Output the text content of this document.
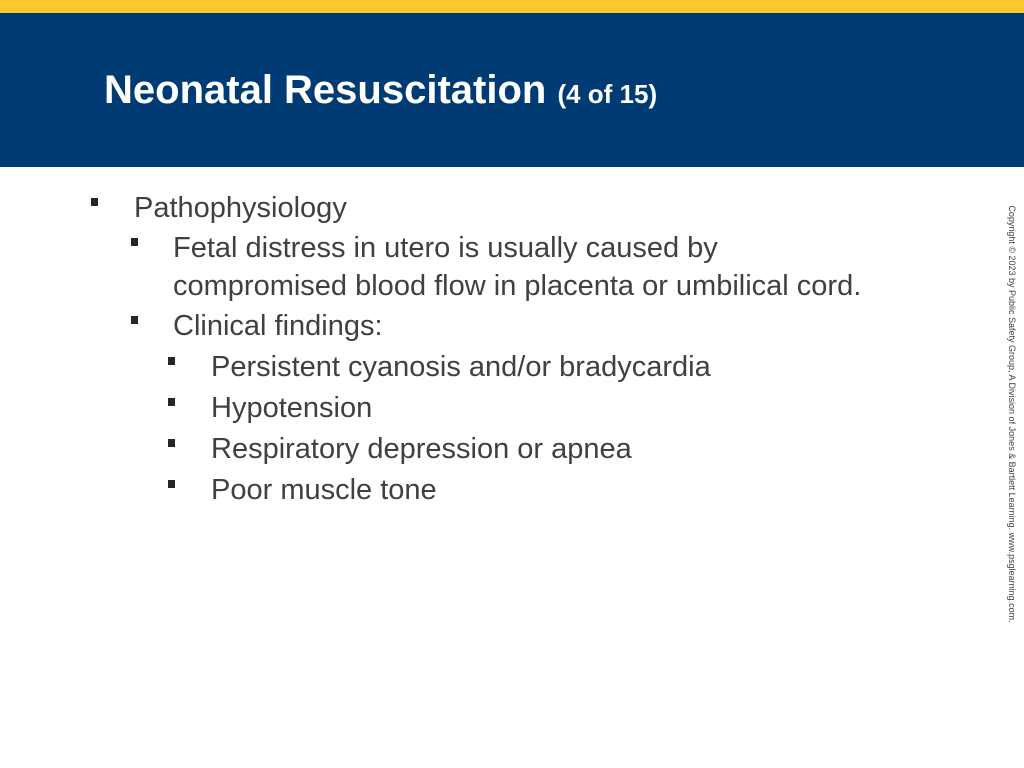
Neonatal Resuscitation (4 of 15)
Pathophysiology
Fetal distress in utero is usually caused by
compromised blood flow in placenta or umbilical cord.
Clinical findings:
Persistent cyanosis and/or bradycardia
Hypotension
Respiratory depression or apnea
Poor muscle tone	Copyright © 2023 by Public Safety Group, A Division of Jones & Bartlett Learning. www.psglearning.com.
